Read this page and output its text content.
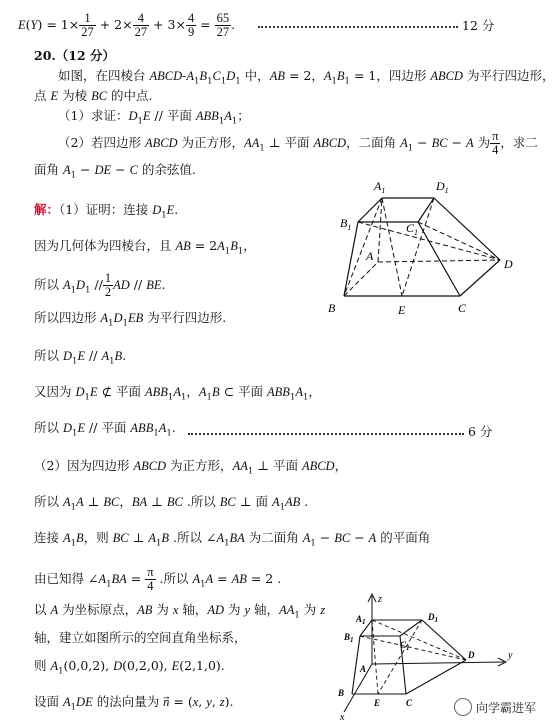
$E(Y) = 1\times \frac{1}{27} + 2\times \frac{4}{27} + 3\times \frac{4}{9} = \frac{65}{27}$ .	12 分
20.（12 分）
如图，在四棱台 ABCD-$A_1B_1C_1D_1$ 中，AB = 2，$A_1B_1 = 1$，四边形 ABCD 为平行四边形，
点 E 为棱 BC 的中点.
（1）求证：$D_1E$ // 平面 $ABB_1A_1$；
（2）若四边形 ABCD 为正方形，$AA_1$ ⊥ 平面 ABCD，二面角 $A_1$ − BC − A 为 $\frac{\pi}{4}$ ，求二
面角 $A_1$ − DE − C 的余弦值.
解：（1）证明：连接 $D_1E$.
因为几何体为四棱台，且 AB = $2A_1B_1$，
所以 $A_1D_1 // \frac{1}{2}$ AD // BE.
所以四边形 $A_1D_1EB$ 为平行四边形.
所以 $D_1E // A_1B$.
又因为 $D_1E$ ⊄ 平面 $ABB_1A_1$，$A_1B$ ⊂ 平面 $ABB_1A_1$，
所以 $D_1E$ // 平面 $ABB_1A_1$.	6 分
（2）因为四边形 ABCD 为正方形，$AA_1$ ⊥ 平面 ABCD，
所以 $A_1A$ ⊥ BC，BA ⊥ BC .所以 BC ⊥ 面 $A_1AB$ .
连接 $A_1B$，则 BC ⊥ $A_1B$ .所以 $\angle A_1BA$ 为二面角 $A_1$ − BC − A 的平面角
由已知得 $\angle A_1BA = \frac{\pi}{4}$ .所以 $A_1A$ = AB = 2 .
以 A 为坐标原点，AB 为 x 轴，AD 为 y 轴，$AA_1$ 为 z
轴，建立如图所示的空间直角坐标系，
则 $A_1(0,0,2)$, D(0,2,0), E(2,1,0).
设面 $A_1DE$ 的法向量为 n⃗ = (x, y, z).
$A_1$	$D_1$
$B_1$	$C_1$
A
D
B	E	C
z
$A_1$	$D_1$
$B_1$	$C_1$
A
D	y
B
E	C
x
向学霸进军
